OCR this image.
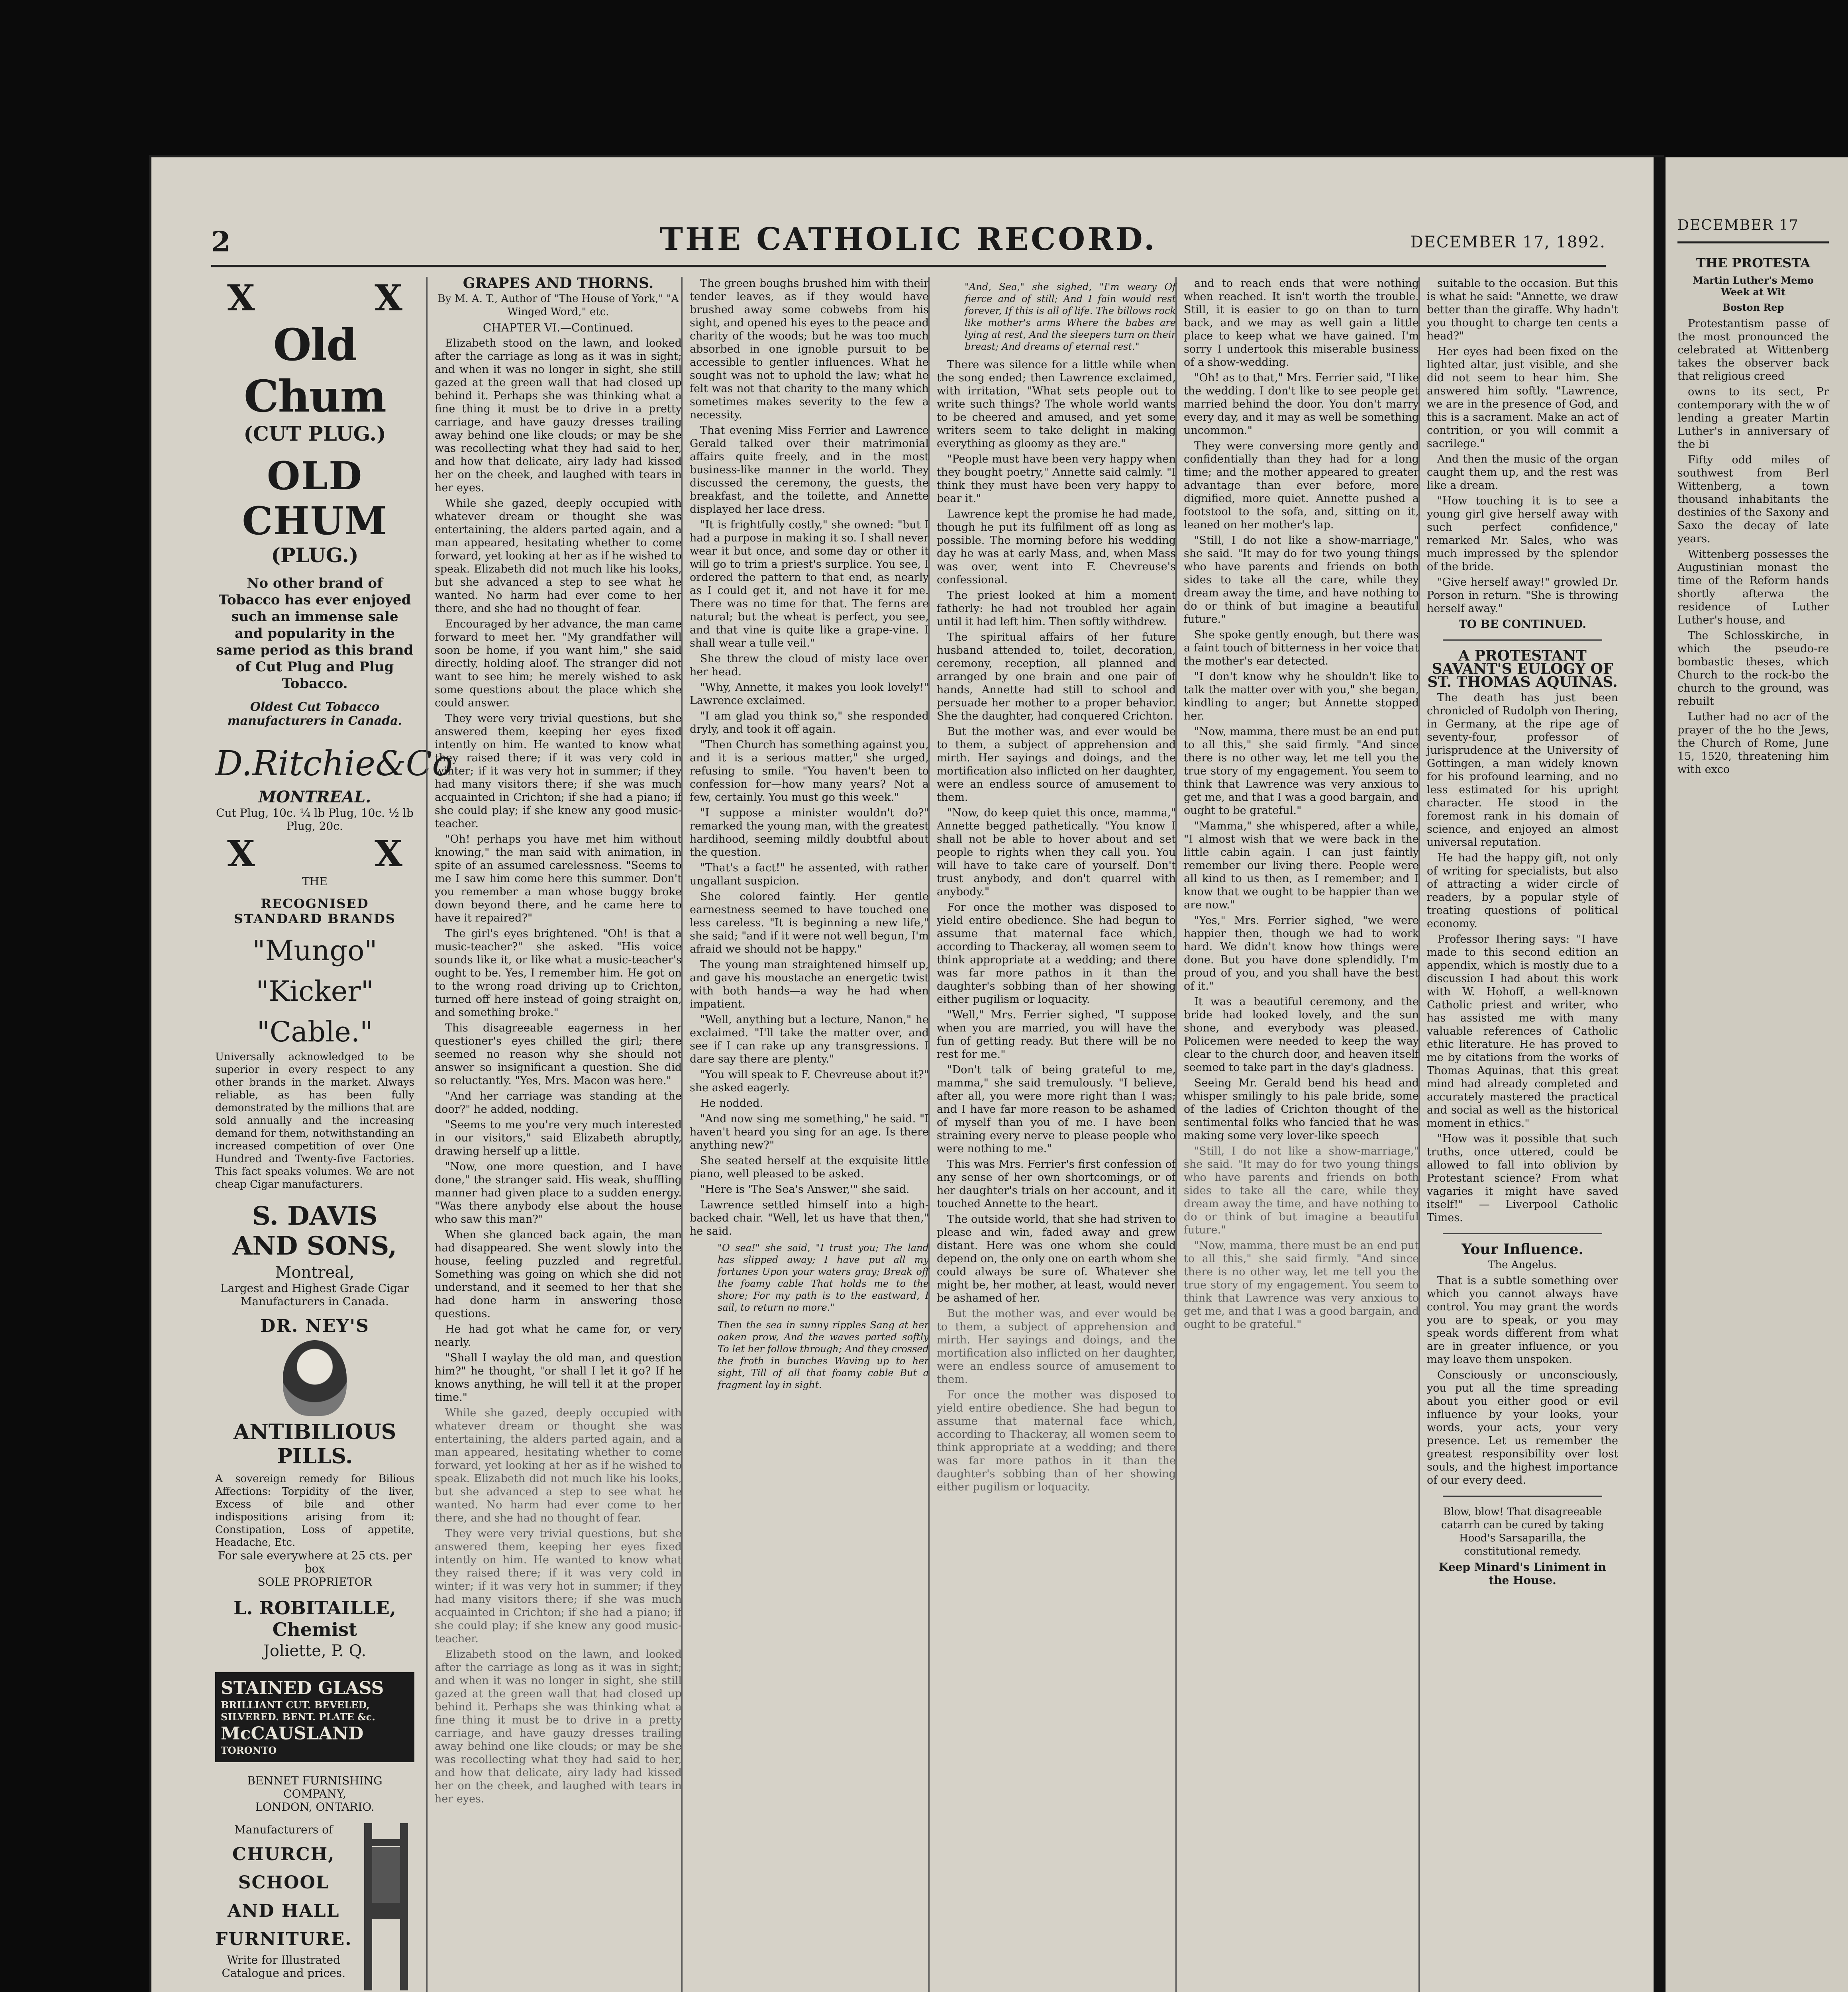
2	THE CATHOLIC RECORD.	DECEMBER 17, 1892.
X	X
Old Chum
(CUT PLUG.)
OLD CHUM
(PLUG.)
No other brand of Tobacco has ever enjoyed such an immense sale and popularity in the same period as this brand of Cut Plug and Plug Tobacco.
Oldest Cut Tobacco manufacturers in Canada.
D.Ritchie&Co
MONTREAL.
Cut Plug, 10c. ¼ lb Plug, 10c. ½ lb Plug, 20c.
X	X
THE
RECOGNISED STANDARD BRANDS
"Mungo"
"Kicker"
"Cable."
Universally acknowledged to be superior in every respect to any other brands in the market. Always reliable, as has been fully demonstrated by the millions that are sold annually and the increasing demand for them, notwithstanding an increased competition of over One Hundred and Twenty-five Factories. This fact speaks volumes. We are not cheap Cigar manufacturers.
S. DAVIS AND SONS,
Montreal,
Largest and Highest Grade Cigar Manufacturers in Canada.
DR. NEY'S
ANTIBILIOUS PILLS.
A sovereign remedy for Bilious Affections: Torpidity of the liver, Excess of bile and other indispositions arising from it: Constipation, Loss of appetite, Headache, Etc.
For sale everywhere at 25 cts. per box
SOLE PROPRIETOR
L. ROBITAILLE, Chemist
Joliette, P. Q.
STAINED GLASS
BRILLIANT CUT. BEVELED, SILVERED. BENT. PLATE &c.
McCAUSLAND
TORONTO
BENNET FURNISHING COMPANY,
LONDON, ONTARIO.
Manufacturers of
CHURCH,
SCHOOL
AND HALL
FURNITURE.
Write for Illustrated Catalogue and prices.

GRAPES AND THORNS.

By M. A. T., Author of "The House of York," "A Winged Word," etc.

CHAPTER VI.—Continued.

Elizabeth stood on the lawn, and looked after the carriage as long as it was in sight; and when it was no longer in sight, she still gazed at the green wall that had closed up behind it. Perhaps she was thinking what a fine thing it must be to drive in a pretty carriage, and have gauzy dresses trailing away behind one like clouds; or may be she was recollecting what they had said to her, and how that delicate, airy lady had kissed her on the cheek, and laughed with tears in her eyes.

While she gazed, deeply occupied with whatever dream or thought she was entertaining, the alders parted again, and a man appeared, hesitating whether to come forward, yet looking at her as if he wished to speak. Elizabeth did not much like his looks, but she advanced a step to see what he wanted. No harm had ever come to her there, and she had no thought of fear.

Encouraged by her advance, the man came forward to meet her. "My grandfather will soon be home, if you want him," she said directly, holding aloof. The stranger did not want to see him; he merely wished to ask some questions about the place which she could answer.

They were very trivial questions, but she answered them, keeping her eyes fixed intently on him. He wanted to know what they raised there; if it was very cold in winter; if it was very hot in summer; if they had many visitors there; if she was much acquainted in Crichton; if she had a piano; if she could play; if she knew any good music-teacher.

"Oh! perhaps you have met him without knowing," the man said with animation, in spite of an assumed carelessness. "Seems to me I saw him come here this summer. Don't you remember a man whose buggy broke down beyond there, and he came here to have it repaired?"

The girl's eyes brightened. "Oh! is that a music-teacher?" she asked. "His voice sounds like it, or like what a music-teacher's ought to be. Yes, I remember him. He got on to the wrong road driving up to Crichton, turned off here instead of going straight on, and something broke."

This disagreeable eagerness in her questioner's eyes chilled the girl; there seemed no reason why she should not answer so insignificant a question. She did so reluctantly. "Yes, Mrs. Macon was here."

"And her carriage was standing at the door?" he added, nodding.

"Seems to me you're very much interested in our visitors," said Elizabeth abruptly, drawing herself up a little.

"Now, one more question, and I have done," the stranger said. His weak, shuffling manner had given place to a sudden energy. "Was there anybody else about the house who saw this man?"

When she glanced back again, the man had disappeared. She went slowly into the house, feeling puzzled and regretful. Something was going on which she did not understand, and it seemed to her that she had done harm in answering those questions.

He had got what he came for, or very nearly.

"Shall I waylay the old man, and question him?" he thought, "or shall I let it go? If he knows anything, he will tell it at the proper time."

While she gazed, deeply occupied with whatever dream or thought she was entertaining, the alders parted again, and a man appeared, hesitating whether to come forward, yet looking at her as if he wished to speak. Elizabeth did not much like his looks, but she advanced a step to see what he wanted. No harm had ever come to her there, and she had no thought of fear.

They were very trivial questions, but she answered them, keeping her eyes fixed intently on him. He wanted to know what they raised there; if it was very cold in winter; if it was very hot in summer; if they had many visitors there; if she was much acquainted in Crichton; if she had a piano; if she could play; if she knew any good music-teacher.

Elizabeth stood on the lawn, and looked after the carriage as long as it was in sight; and when it was no longer in sight, she still gazed at the green wall that had closed up behind it. Perhaps she was thinking what a fine thing it must be to drive in a pretty carriage, and have gauzy dresses trailing away behind one like clouds; or may be she was recollecting what they had said to her, and how that delicate, airy lady had kissed her on the cheek, and laughed with tears in her eyes.

The green boughs brushed him with their tender leaves, as if they would have brushed away some cobwebs from his sight, and opened his eyes to the peace and charity of the woods; but he was too much absorbed in one ignoble pursuit to be accessible to gentler influences. What he sought was not to uphold the law; what he felt was not that charity to the many which sometimes makes severity to the few a necessity.

That evening Miss Ferrier and Lawrence Gerald talked over their matrimonial affairs quite freely, and in the most business-like manner in the world. They discussed the ceremony, the guests, the breakfast, and the toilette, and Annette displayed her lace dress.

"It is frightfully costly," she owned: "but I had a purpose in making it so. I shall never wear it but once, and some day or other it will go to trim a priest's surplice. You see, I ordered the pattern to that end, as nearly as I could get it, and not have it for me. There was no time for that. The ferns are natural; but the wheat is perfect, you see, and that vine is quite like a grape-vine. I shall wear a tulle veil."

She threw the cloud of misty lace over her head.

"Why, Annette, it makes you look lovely!" Lawrence exclaimed.

"I am glad you think so," she responded dryly, and took it off again.

"Then Church has something against you, and it is a serious matter," she urged, refusing to smile. "You haven't been to confession for—how many years? Not a few, certainly. You must go this week."

"I suppose a minister wouldn't do?" remarked the young man, with the greatest hardihood, seeming mildly doubtful about the question.

"That's a fact!" he assented, with rather ungallant suspicion.

She colored faintly. Her gentle earnestness seemed to have touched one less careless. "It is beginning a new life," she said; "and if it were not well begun, I'm afraid we should not be happy."

The young man straightened himself up, and gave his moustache an energetic twist with both hands—a way he had when impatient.

"Well, anything but a lecture, Nanon," he exclaimed. "I'll take the matter over, and see if I can rake up any transgressions. I dare say there are plenty."

"You will speak to F. Chevreuse about it?" she asked eagerly.

He nodded.

"And now sing me something," he said. "I haven't heard you sing for an age. Is there anything new?"

She seated herself at the exquisite little piano, well pleased to be asked.

"Here is 'The Sea's Answer,'" she said.

Lawrence settled himself into a high-backed chair. "Well, let us have that then," he said.

"O sea!" she said, "I trust you; The land has slipped away; I have put all my fortunes Upon your waters gray; Break off the foamy cable That holds me to the shore; For my path is to the eastward, I sail, to return no more."
Then the sea in sunny ripples Sang at her oaken prow, And the waves parted softly To let her follow through; And they crossed the froth in bunches Waving up to her sight, Till of all that foamy cable But a fragment lay in sight.
"And, Sea," she sighed, "I'm weary Of fierce and of still; And I fain would rest forever, If this is all of life. The billows rock like mother's arms Where the babes are lying at rest, And the sleepers turn on their breast; And dreams of eternal rest."

There was silence for a little while when the song ended; then Lawrence exclaimed, with irritation, "What sets people out to write such things? The whole world wants to be cheered and amused, and yet some writers seem to take delight in making everything as gloomy as they are."

"People must have been very happy when they bought poetry," Annette said calmly. "I think they must have been very happy to bear it."

Lawrence kept the promise he had made, though he put its fulfilment off as long as possible. The morning before his wedding day he was at early Mass, and, when Mass was over, went into F. Chevreuse's confessional.

The priest looked at him a moment fatherly: he had not troubled her again until it had left him. Then softly withdrew.

The spiritual affairs of her future husband attended to, toilet, decoration, ceremony, reception, all planned and arranged by one brain and one pair of hands, Annette had still to school and persuade her mother to a proper behavior. She the daughter, had conquered Crichton.

But the mother was, and ever would be to them, a subject of apprehension and mirth. Her sayings and doings, and the mortification also inflicted on her daughter, were an endless source of amusement to them.

"Now, do keep quiet this once, mamma," Annette begged pathetically. "You know I shall not be able to hover about and set people to rights when they call you. You will have to take care of yourself. Don't trust anybody, and don't quarrel with anybody."

For once the mother was disposed to yield entire obedience. She had begun to assume that maternal face which, according to Thackeray, all women seem to think appropriate at a wedding; and there was far more pathos in it than the daughter's sobbing than of her showing either pugilism or loquacity.

"Well," Mrs. Ferrier sighed, "I suppose when you are married, you will have the fun of getting ready. But there will be no rest for me."

"Don't talk of being grateful to me, mamma," she said tremulously. "I believe, after all, you were more right than I was; and I have far more reason to be ashamed of myself than you of me. I have been straining every nerve to please people who were nothing to me."

This was Mrs. Ferrier's first confession of any sense of her own shortcomings, or of her daughter's trials on her account, and it touched Annette to the heart.

The outside world, that she had striven to please and win, faded away and grew distant. Here was one whom she could depend on, the only one on earth whom she could always be sure of. Whatever she might be, her mother, at least, would never be ashamed of her.

But the mother was, and ever would be to them, a subject of apprehension and mirth. Her sayings and doings, and the mortification also inflicted on her daughter, were an endless source of amusement to them.

For once the mother was disposed to yield entire obedience. She had begun to assume that maternal face which, according to Thackeray, all women seem to think appropriate at a wedding; and there was far more pathos in it than the daughter's sobbing than of her showing either pugilism or loquacity.

and to reach ends that were nothing when reached. It isn't worth the trouble. Still, it is easier to go on than to turn back, and we may as well gain a little place to keep what we have gained. I'm sorry I undertook this miserable business of a show-wedding.

"Oh! as to that," Mrs. Ferrier said, "I like the wedding. I don't like to see people get married behind the door. You don't marry every day, and it may as well be something uncommon."

They were conversing more gently and confidentially than they had for a long time; and the mother appeared to greater advantage than ever before, more dignified, more quiet. Annette pushed a footstool to the sofa, and, sitting on it, leaned on her mother's lap.

"Still, I do not like a show-marriage," she said. "It may do for two young things who have parents and friends on both sides to take all the care, while they dream away the time, and have nothing to do or think of but imagine a beautiful future."

She spoke gently enough, but there was a faint touch of bitterness in her voice that the mother's ear detected.

"I don't know why he shouldn't like to talk the matter over with you," she began, kindling to anger; but Annette stopped her.

"Now, mamma, there must be an end put to all this," she said firmly. "And since there is no other way, let me tell you the true story of my engagement. You seem to think that Lawrence was very anxious to get me, and that I was a good bargain, and ought to be grateful."

"Mamma," she whispered, after a while, "I almost wish that we were back in the little cabin again. I can just faintly remember our living there. People were all kind to us then, as I remember; and I know that we ought to be happier than we are now."

"Yes," Mrs. Ferrier sighed, "we were happier then, though we had to work hard. We didn't know how things were done. But you have done splendidly. I'm proud of you, and you shall have the best of it."

It was a beautiful ceremony, and the bride had looked lovely, and the sun shone, and everybody was pleased. Policemen were needed to keep the way clear to the church door, and heaven itself seemed to take part in the day's gladness.

Seeing Mr. Gerald bend his head and whisper smilingly to his pale bride, some of the ladies of Crichton thought of the sentimental folks who fancied that he was making some very lover-like speech

"Still, I do not like a show-marriage," she said. "It may do for two young things who have parents and friends on both sides to take all the care, while they dream away the time, and have nothing to do or think of but imagine a beautiful future."

"Now, mamma, there must be an end put to all this," she said firmly. "And since there is no other way, let me tell you the true story of my engagement. You seem to think that Lawrence was very anxious to get me, and that I was a good bargain, and ought to be grateful."

suitable to the occasion. But this is what he said: "Annette, we draw better than the giraffe. Why hadn't you thought to charge ten cents a head?"

Her eyes had been fixed on the lighted altar, just visible, and she did not seem to hear him. She answered him softly. "Lawrence, we are in the presence of God, and this is a sacrament. Make an act of contrition, or you will commit a sacrilege."

And then the music of the organ caught them up, and the rest was like a dream.

"How touching it is to see a young girl give herself away with such perfect confidence," remarked Mr. Sales, who was much impressed by the splendor of the bride.

"Give herself away!" growled Dr. Porson in return. "She is throwing herself away."

TO BE CONTINUED.

A PROTESTANT SAVANT'S EULOGY OF ST. THOMAS AQUINAS.

The death has just been chronicled of Rudolph von Ihering, in Germany, at the ripe age of seventy-four, professor of jurisprudence at the University of Gottingen, a man widely known for his profound learning, and no less estimated for his upright character. He stood in the foremost rank in his domain of science, and enjoyed an almost universal reputation.

He had the happy gift, not only of writing for specialists, but also of attracting a wider circle of readers, by a popular style of treating questions of political economy.

Professor Ihering says: "I have made to this second edition an appendix, which is mostly due to a discussion I had about this work with W. Hohoff, a well-known Catholic priest and writer, who has assisted me with many valuable references of Catholic ethic literature. He has proved to me by citations from the works of Thomas Aquinas, that this great mind had already completed and accurately mastered the practical and social as well as the historical moment in ethics."

"How was it possible that such truths, once uttered, could be allowed to fall into oblivion by Protestant science? From what vagaries it might have saved itself!" — Liverpool Catholic Times.

Your Influence.

The Angelus.

That is a subtle something over which you cannot always have control. You may grant the words you are to speak, or you may speak words different from what are in greater influence, or you may leave them unspoken.

Consciously or unconsciously, you put all the time spreading about you either good or evil influence by your looks, your words, your acts, your very presence. Let us remember the greatest responsibility over lost souls, and the highest importance of our every deed.

Blow, blow! That disagreeable catarrh can be cured by taking Hood's Sarsaparilla, the constitutional remedy.

Keep Minard's Liniment in the House.

DECEMBER 17
THE PROTESTA
Martin Luther's Memo Week at Wit
Boston Rep

Protestantism passe of the most pronounced the celebrated at Wittenberg takes the observer back that religious creed

owns to its sect, Pr contemporary with the w of lending a greater Martin Luther's in anniversary of the bi

Fifty odd miles of southwest from Berl Wittenberg, a town thousand inhabitants the destinies of the Saxony and Saxo the decay of late years.

Wittenberg possesses the Augustinian monast the time of the Reform hands shortly afterwa the residence of Luther Luther's house, and

The Schlosskirche, in which the pseudo-re bombastic theses, which Church to the rock-bo the church to the ground, was rebuilt

Luther had no acr of the prayer of the ho the Jews, the Church of Rome, June 15, 1520, threatening him with exco
